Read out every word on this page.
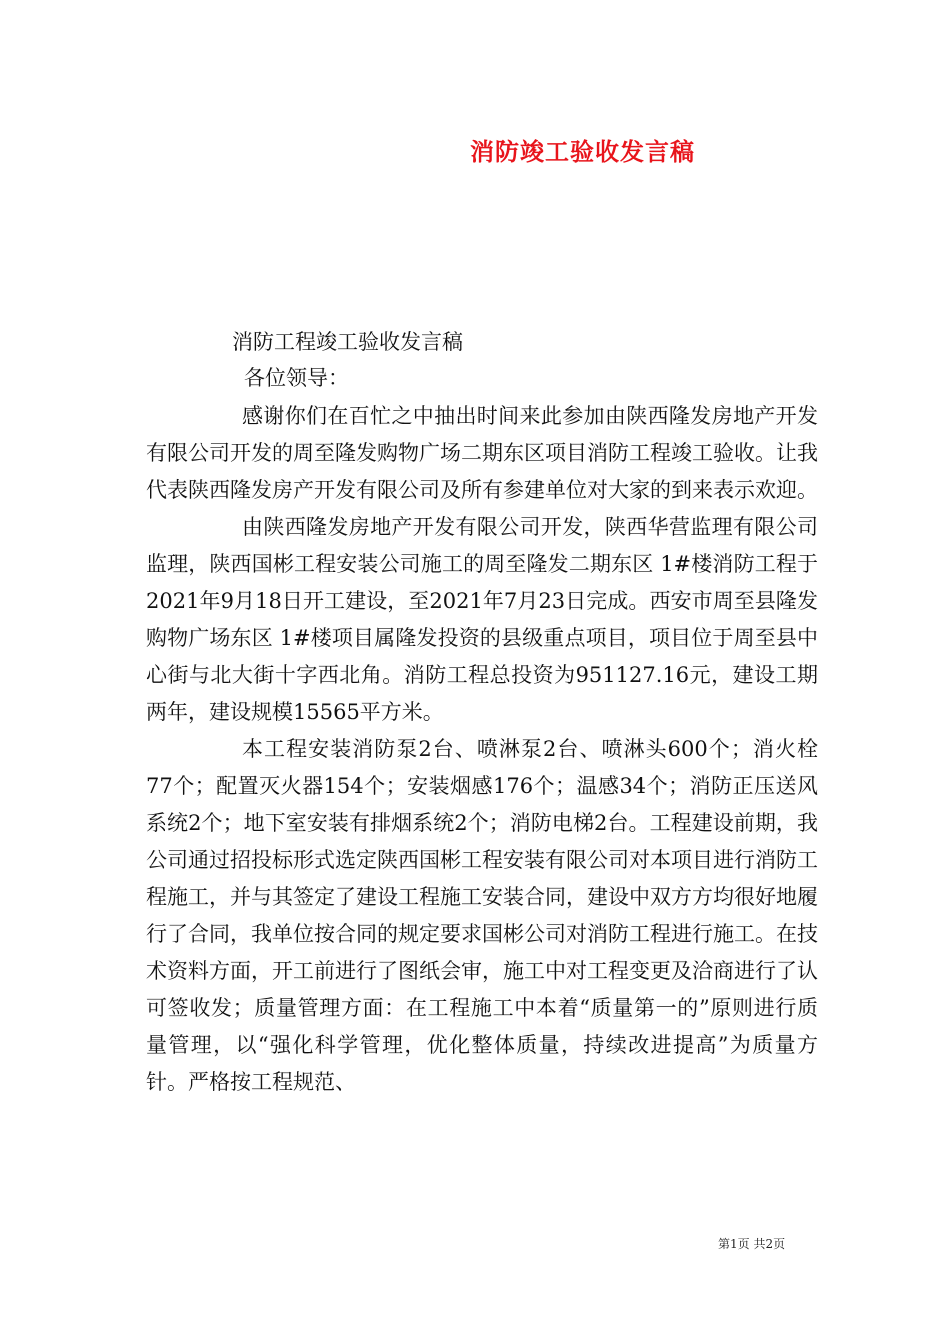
消防竣工验收发言稿
消防工程竣工验收发言稿
各位领导：

感谢你们在百忙之中抽出时间来此参加由陕西隆发房地产开发有限公司开发的周至隆发购物广场二期东区项目消防工程竣工验收。让我代表陕西隆发房产开发有限公司及所有参建单位对大家的到来表示欢迎。

由陕西隆发房地产开发有限公司开发，陕西华营监理有限公司监理，陕西国彬工程安装公司施工的周至隆发二期东区 1#楼消防工程于2021年9月18日开工建设，至2021年7月23日完成。西安市周至县隆发购物广场东区 1#楼项目属隆发投资的县级重点项目，项目位于周至县中心街与北大街十字西北角。消防工程总投资为951127.16元，建设工期两年，建设规模15565平方米。

本工程安装消防泵2台、喷淋泵2台、喷淋头600个；消火栓77个；配置灭火器154个；安装烟感176个；温感34个；消防正压送风系统2个；地下室安装有排烟系统2个；消防电梯2台。工程建设前期，我公司通过招投标形式选定陕西国彬工程安装有限公司对本项目进行消防工程施工，并与其签定了建设工程施工安装合同，建设中双方方均很好地履行了合同，我单位按合同的规定要求国彬公司对消防工程进行施工。在技术资料方面，开工前进行了图纸会审，施工中对工程变更及洽商进行了认可签收发；质量管理方面：在工程施工中本着“质量第一的”原则进行质量管理，以“强化科学管理，优化整体质量，持续改进提高”为质量方针。严格按工程规范、

第1页 共2页
